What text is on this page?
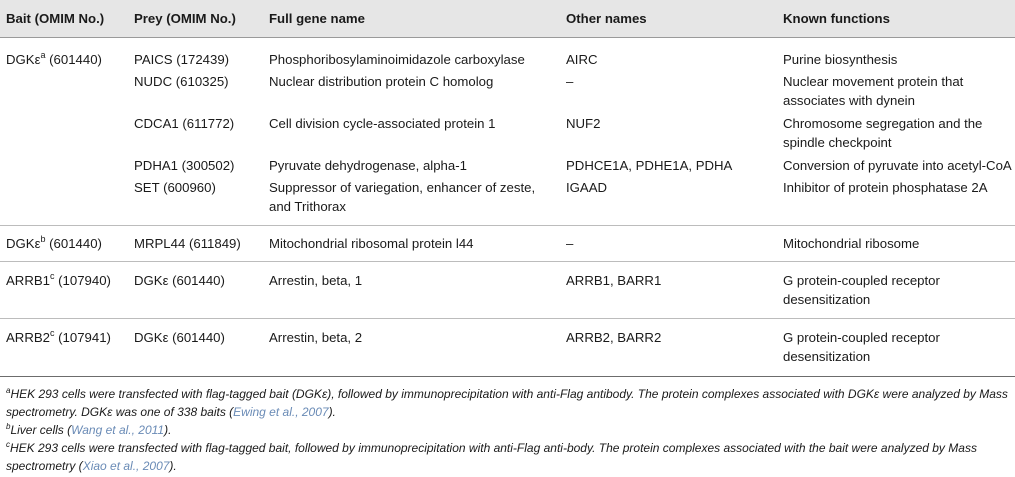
Bait (OMIM No.)	Prey (OMIM No.)	Full gene name	Other names	Known functions
DGKε$^a$ (601440)	PAICS (172439)	Phosphoribosylaminoimidazole carboxylase	AIRC	Purine biosynthesis
	NUDC (610325)	Nuclear distribution protein C homolog	–	Nuclear movement protein that associates with dynein
	CDCA1 (611772)	Cell division cycle-associated protein 1	NUF2	Chromosome segregation and the spindle checkpoint
	PDHA1 (300502)	Pyruvate dehydrogenase, alpha-1	PDHCE1A, PDHE1A, PDHA	Conversion of pyruvate into acetyl-CoA
	SET (600960)	Suppressor of variegation, enhancer of zeste, and Trithorax	IGAAD	Inhibitor of protein phosphatase 2A
DGKε$^b$ (601440)	MRPL44 (611849)	Mitochondrial ribosomal protein l44	–	Mitochondrial ribosome
ARRB1$^c$ (107940)	DGKε (601440)	Arrestin, beta, 1	ARRB1, BARR1	G protein-coupled receptor desensitization
ARRB2$^c$ (107941)	DGKε (601440)	Arrestin, beta, 2	ARRB2, BARR2	G protein-coupled receptor desensitization
$^a$HEK 293 cells were transfected with flag-tagged bait (DGKε), followed by immunoprecipitation with anti-Flag antibody. The protein complexes associated with DGKε were analyzed by Mass spectrometry. DGKε was one of 338 baits (Ewing et al., 2007).
$^b$Liver cells (Wang et al., 2011).
$^c$HEK 293 cells were transfected with flag-tagged bait, followed by immunoprecipitation with anti-Flag anti-body. The protein complexes associated with the bait were analyzed by Mass spectrometry (Xiao et al., 2007).
